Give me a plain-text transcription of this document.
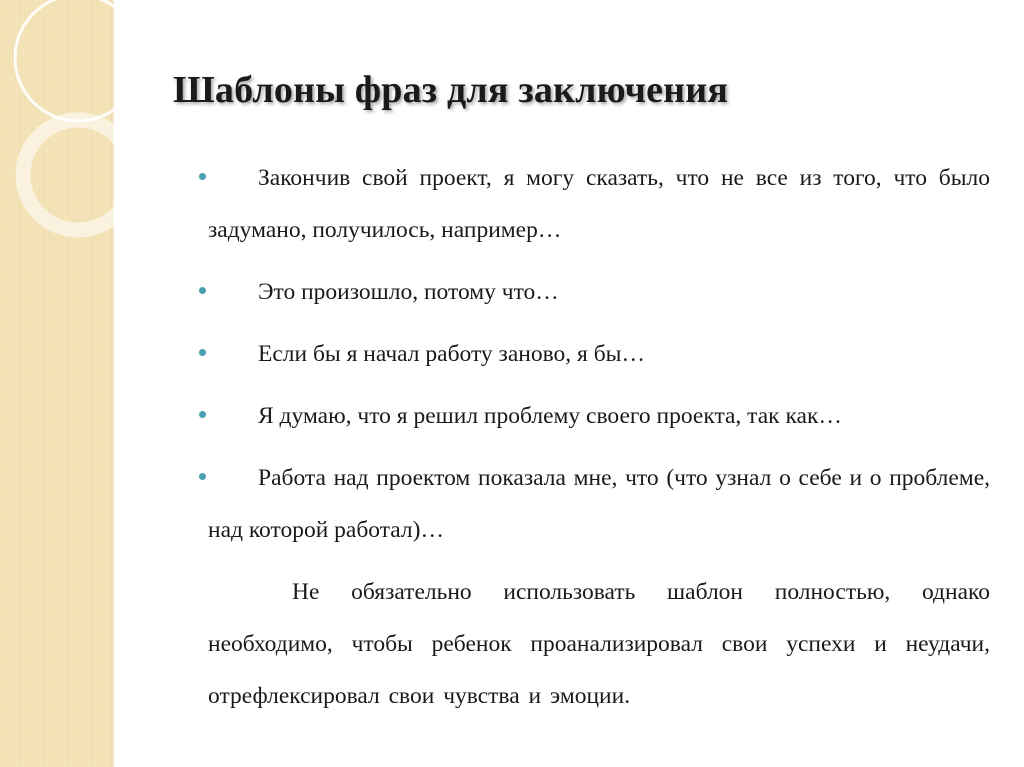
Шаблоны фраз для заключения
Закончив свой проект, я могу сказать, что не все из того, что было задумано, получилось, например…
Это произошло, потому что…
Если бы я начал работу заново, я бы…
Я думаю, что я решил проблему своего проекта, так как…
Работа над проектом показала мне, что (что узнал о себе и о проблеме, над которой работал)…

Не обязательно использовать шаблон полностью, однако необходимо, чтобы ребенок проанализировал свои успехи и неудачи, отрефлексировал свои чувства и эмоции.
